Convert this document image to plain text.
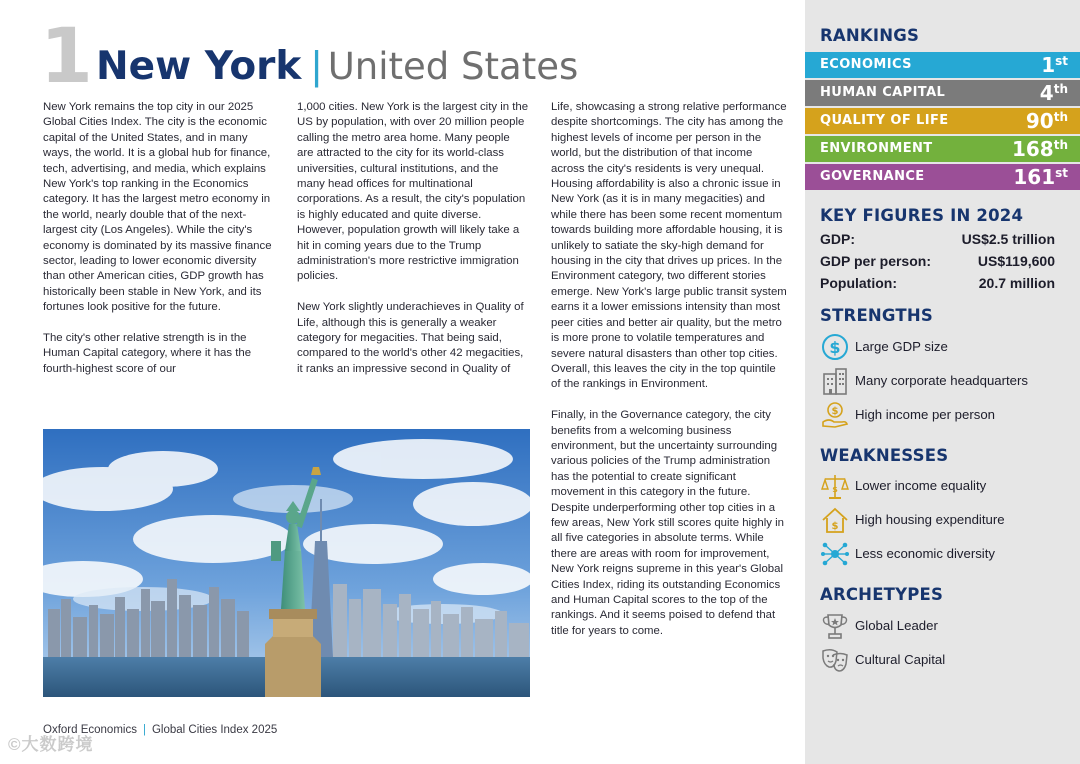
1 New York | United States

New York remains the top city in our 2025 Global Cities Index. The city is the economic capital of the United States, and in many ways, the world. It is a global hub for finance, tech, advertising, and media, which explains New York's top ranking in the Economics category. It has the largest metro economy in the world, nearly double that of the next-largest city (Los Angeles). While the city's economy is dominated by its massive finance sector, leading to lower economic diversity than other American cities, GDP growth has historically been stable in New York, and its fortunes look positive for the future.

The city's other relative strength is in the Human Capital category, where it has the fourth-highest score of our

1,000 cities. New York is the largest city in the US by population, with over 20 million people calling the metro area home. Many people are attracted to the city for its world-class universities, cultural institutions, and the many head offices for multinational corporations. As a result, the city's population is highly educated and quite diverse. However, population growth will likely take a hit in coming years due to the Trump administration's more restrictive immigration policies.

New York slightly underachieves in Quality of Life, although this is generally a weaker category for megacities. That being said, compared to the world's other 42 megacities, it ranks an impressive second in Quality of

Life, showcasing a strong relative performance despite shortcomings. The city has among the highest levels of income per person in the world, but the distribution of that income across the city's residents is very unequal. Housing affordability is also a chronic issue in New York (as it is in many megacities) and while there has been some recent momentum towards building more affordable housing, it is unlikely to satiate the sky-high demand for housing in the city that drives up prices. In the Environment category, two different stories emerge. New York's large public transit system earns it a lower emissions intensity than most peer cities and better air quality, but the metro is more prone to volatile temperatures and severe natural disasters than other top cities. Overall, this leaves the city in the top quintile of the rankings in Environment.

Finally, in the Governance category, the city benefits from a welcoming business environment, but the uncertainty surrounding various policies of the Trump administration has the potential to create significant movement in this category in the future. Despite underperforming other top cities in a few areas, New York still scores quite highly in all five categories in absolute terms. While there are areas with room for improvement, New York reigns supreme in this year's Global Cities Index, riding its outstanding Economics and Human Capital scores to the top of the rankings. And it seems poised to defend that title for years to come.

Oxford Economics | Global Cities Index 2025
©大数跨境
RANKINGS
ECONOMICS	1st
HUMAN CAPITAL	4th
QUALITY OF LIFE	90th
ENVIRONMENT	168th
GOVERNANCE	161st
KEY FIGURES IN 2024
GDP:	US$2.5 trillion
GDP per person:	US$119,600
Population:	20.7 million
STRENGTHS
$ Large GDP size
Many corporate headquarters
$ High income per person
WEAKNESSES
$ Lower income equality
$ High housing expenditure
Less economic diversity
ARCHETYPES
Global Leader
Cultural Capital
